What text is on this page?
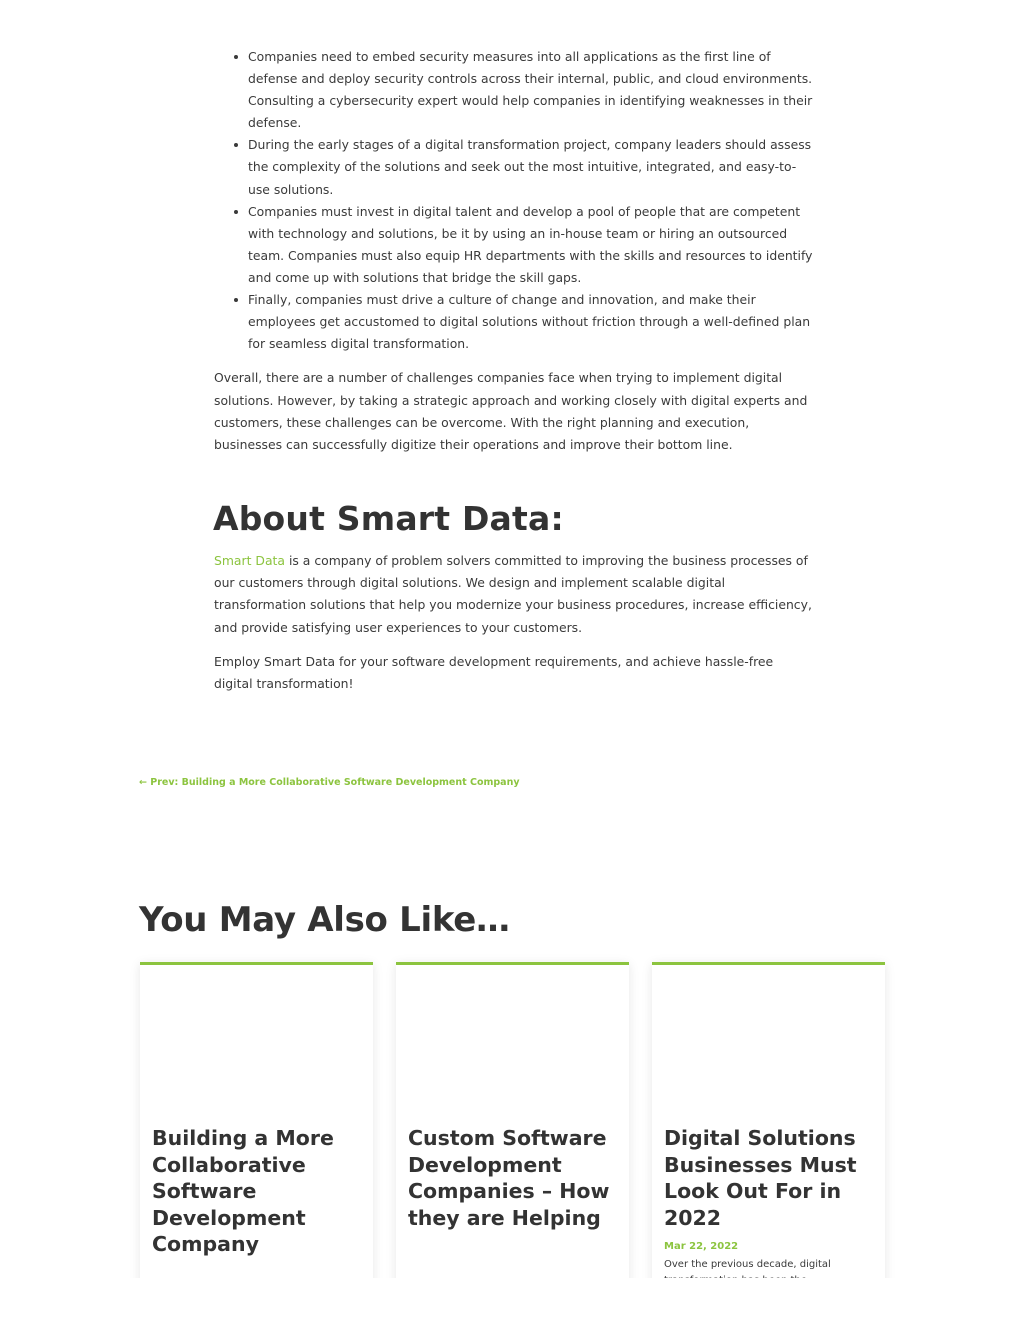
Companies need to embed security measures into all applications as the first line of defense and deploy security controls across their internal, public, and cloud environments. Consulting a cybersecurity expert would help companies in identifying weaknesses in their defense.
During the early stages of a digital transformation project, company leaders should assess the complexity of the solutions and seek out the most intuitive, integrated, and easy-to-use solutions.
Companies must invest in digital talent and develop a pool of people that are competent with technology and solutions, be it by using an in-house team or hiring an outsourced team. Companies must also equip HR departments with the skills and resources to identify and come up with solutions that bridge the skill gaps.
Finally, companies must drive a culture of change and innovation, and make their employees get accustomed to digital solutions without friction through a well-defined plan for seamless digital transformation.

Overall, there are a number of challenges companies face when trying to implement digital solutions. However, by taking a strategic approach and working closely with digital experts and customers, these challenges can be overcome. With the right planning and execution, businesses can successfully digitize their operations and improve their bottom line.

About Smart Data:

Smart Data is a company of problem solvers committed to improving the business processes of our customers through digital solutions. We design and implement scalable digital transformation solutions that help you modernize your business procedures, increase efficiency, and provide satisfying user experiences to your customers.

Employ Smart Data for your software development requirements, and achieve hassle-free digital transformation!

← Prev: Building a More Collaborative Software Development Company
You May Also Like…
Building a More Collaborative Software Development Company
Custom Software Development Companies – How they are Helping
Digital Solutions Businesses Must Look Out For in 2022
Mar 22, 2022

Over the previous decade, digital
